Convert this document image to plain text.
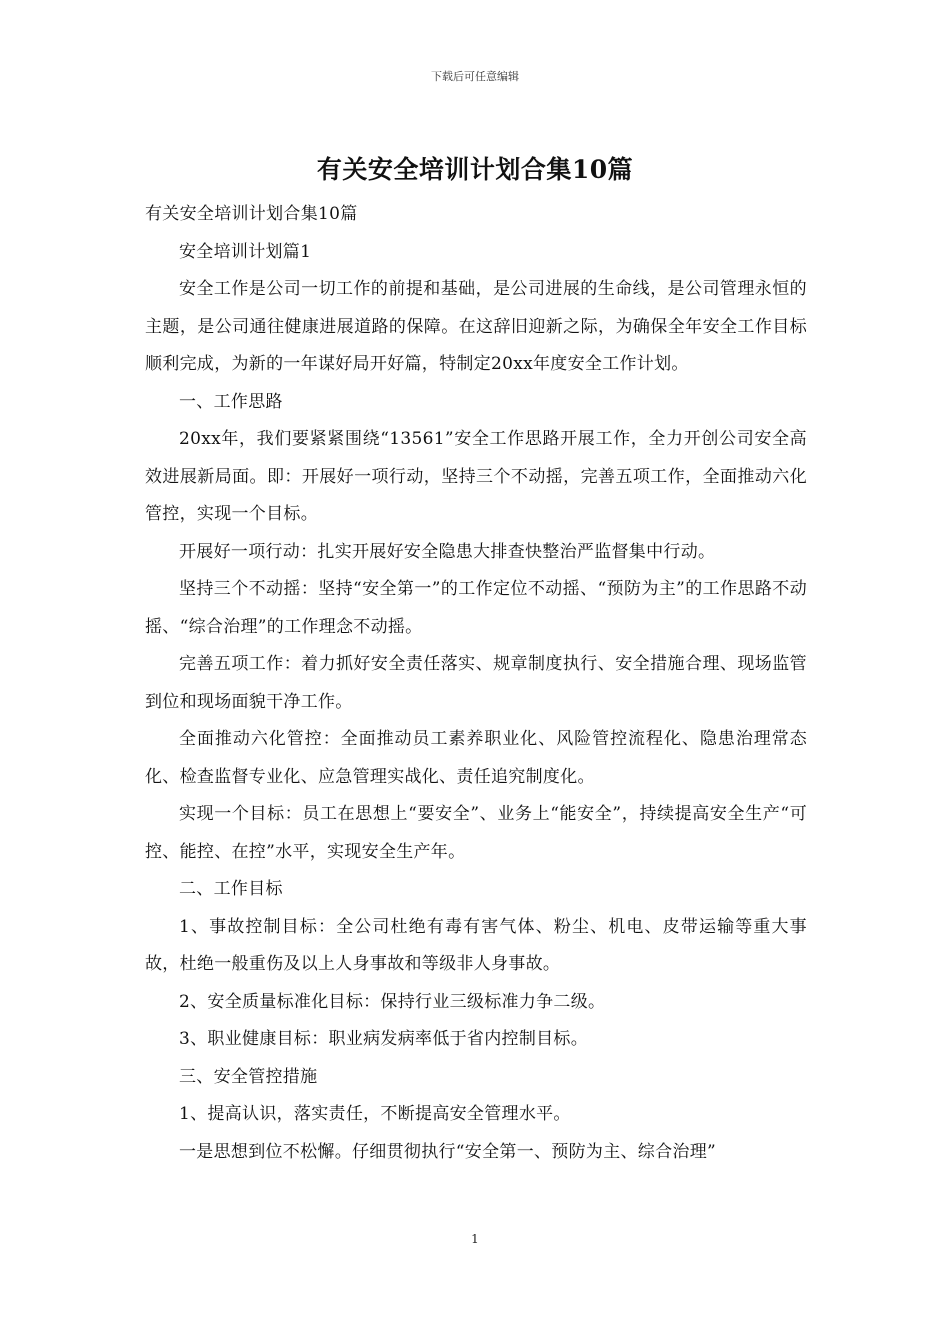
下载后可任意编辑
有关安全培训计划合集10篇

有关安全培训计划合集10篇

安全培训计划篇1

安全工作是公司一切工作的前提和基础，是公司进展的生命线，是公司管理永恒的主题，是公司通往健康进展道路的保障。在这辞旧迎新之际，为确保全年安全工作目标顺利完成，为新的一年谋好局开好篇，特制定20xx年度安全工作计划。

一、工作思路

20xx年，我们要紧紧围绕“13561”安全工作思路开展工作，全力开创公司安全高效进展新局面。即：开展好一项行动，坚持三个不动摇，完善五项工作，全面推动六化管控，实现一个目标。

开展好一项行动：扎实开展好安全隐患大排查快整治严监督集中行动。

坚持三个不动摇：坚持“安全第一”的工作定位不动摇、“预防为主”的工作思路不动摇、“综合治理”的工作理念不动摇。

完善五项工作：着力抓好安全责任落实、规章制度执行、安全措施合理、现场监管到位和现场面貌干净工作。

全面推动六化管控：全面推动员工素养职业化、风险管控流程化、隐患治理常态化、检查监督专业化、应急管理实战化、责任追究制度化。

实现一个目标：员工在思想上“要安全”、业务上“能安全”，持续提高安全生产“可控、能控、在控”水平，实现安全生产年。

二、工作目标

1、事故控制目标：全公司杜绝有毒有害气体、粉尘、机电、皮带运输等重大事故，杜绝一般重伤及以上人身事故和等级非人身事故。

2、安全质量标准化目标：保持行业三级标准力争二级。

3、职业健康目标：职业病发病率低于省内控制目标。

三、安全管控措施

1、提高认识，落实责任，不断提高安全管理水平。

一是思想到位不松懈。仔细贯彻执行“安全第一、预防为主、综合治理”

1
